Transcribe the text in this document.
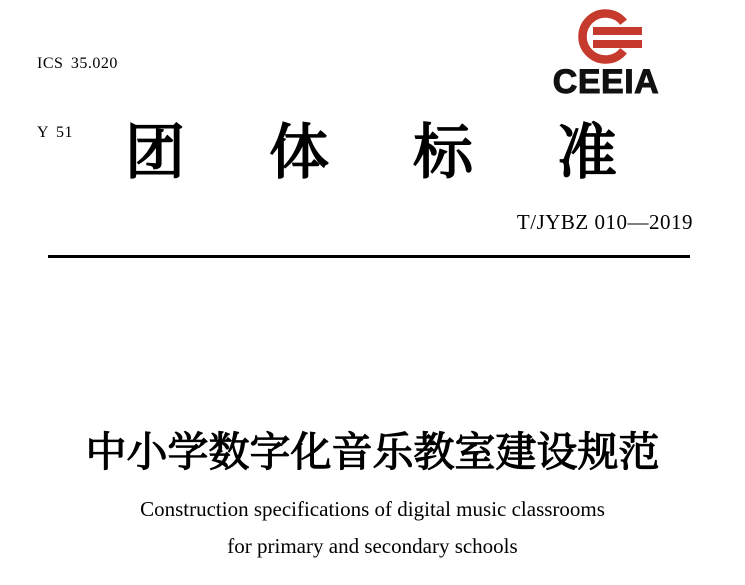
ICS 35.020

Y 51

CEEIA
团 体 标 准
T/JYBZ 010—2019
中小学数字化音乐教室建设规范
Construction specifications of digital music classrooms
for primary and secondary schools
